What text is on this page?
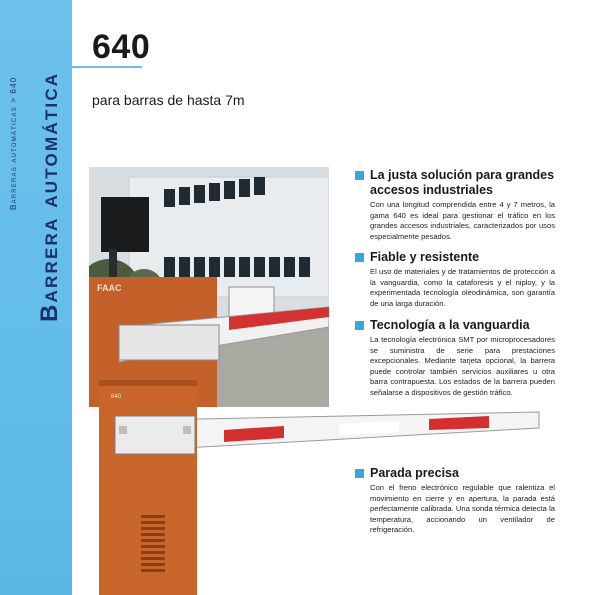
Barreras automáticas > 640 Barrera automática
640
para barras de hasta 7m
FAAC
640
La justa solución para grandes accesos industriales
Con una longitud comprendida entre 4 y 7 metros, la gama 640 es ideal para gestionar el tráfico en los grandes accesos industriales, caracterizados por usos especialmente pesados.
Fiable y resistente
El uso de materiales y de tratamientos de protección a la vanguardia, como la cataforesis y el niploy, y la experimentada tecnología oleodinámica, son garantía de una larga duración.
Tecnología a la vanguardia
La tecnología electrónica SMT por microprocesadores se suministra de serie para prestaciones excepcionales. Mediante tarjeta opcional, la barrera puede controlar también servicios auxiliares u otra barra contrapuesta. Los estados de la barrera pueden señalarse a dispositivos de gestión tráfico.
Parada precisa
Con el freno electrónico regulable que ralentiza el movimiento en cierre y en apertura, la parada está perfectamente calibrada. Una sonda térmica detecta la temperatura, accionando un ventilador de refrigeración.
